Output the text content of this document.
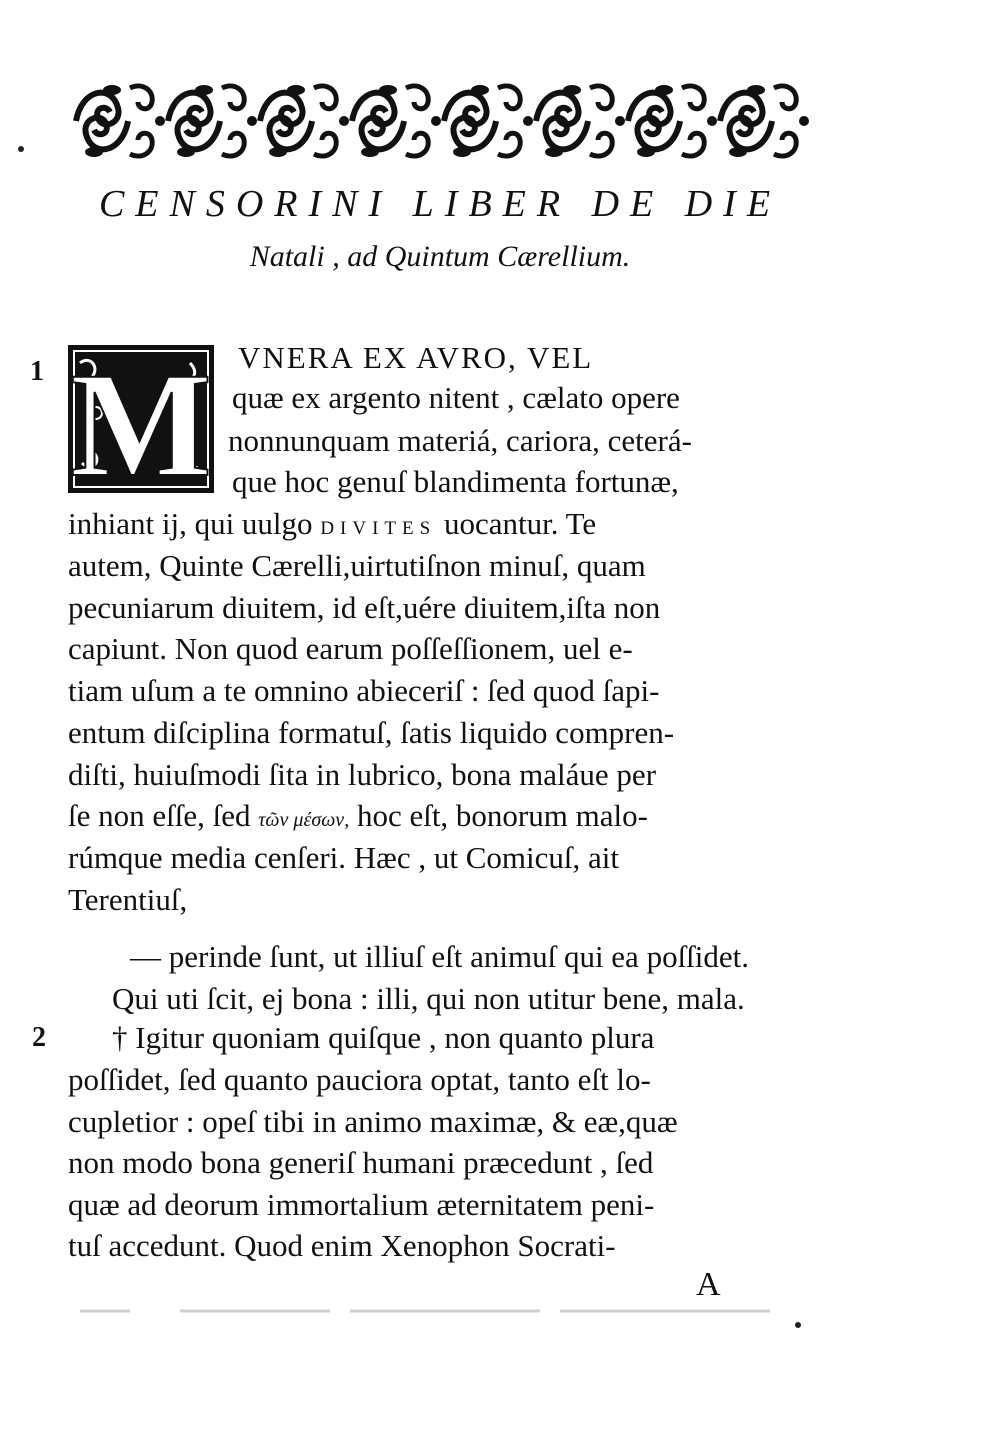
CENSORINI LIBER DE DIE
Natali , ad Quintum Cærellium.
1 M VNERA EX AVRO, VEL
quæ ex argento nitent , cælato opere
nonnunquam materiá, cariora, ceterá-
que hoc genuſ blandimenta fortunæ,
inhiant ij, qui uulgo DIVITES uocantur. Te
autem, Quinte Cærelli,uirtutiſnon minuſ, quam
pecuniarum diuitem, id eſt,uére diuitem,iſta non
capiunt. Non quod earum poſſeſſionem, uel e-
tiam uſum a te omnino abieceriſ : ſed quod ſapi-
entum diſciplina formatuſ, ſatis liquido compren-
diſti, huiuſmodi ſita in lubrico, bona maláue per
ſe non eſſe, ſed τῶν μέσων, hoc eſt, bonorum malo-
rúmque media cenſeri. Hæc , ut Comicuſ, ait
Terentiuſ,
— perinde ſunt, ut illiuſ eſt animuſ qui ea poſſidet.
Qui uti ſcit, ej bona : illi, qui non utitur bene, mala.
2 † Igitur quoniam quiſque , non quanto plura
poſſidet, ſed quanto pauciora optat, tanto eſt lo-
cupletior : opeſ tibi in animo maximæ, & eæ,quæ
non modo bona generiſ humani præcedunt , ſed
quæ ad deorum immortalium æternitatem peni-
tuſ accedunt. Quod enim Xenophon Socrati-
A
